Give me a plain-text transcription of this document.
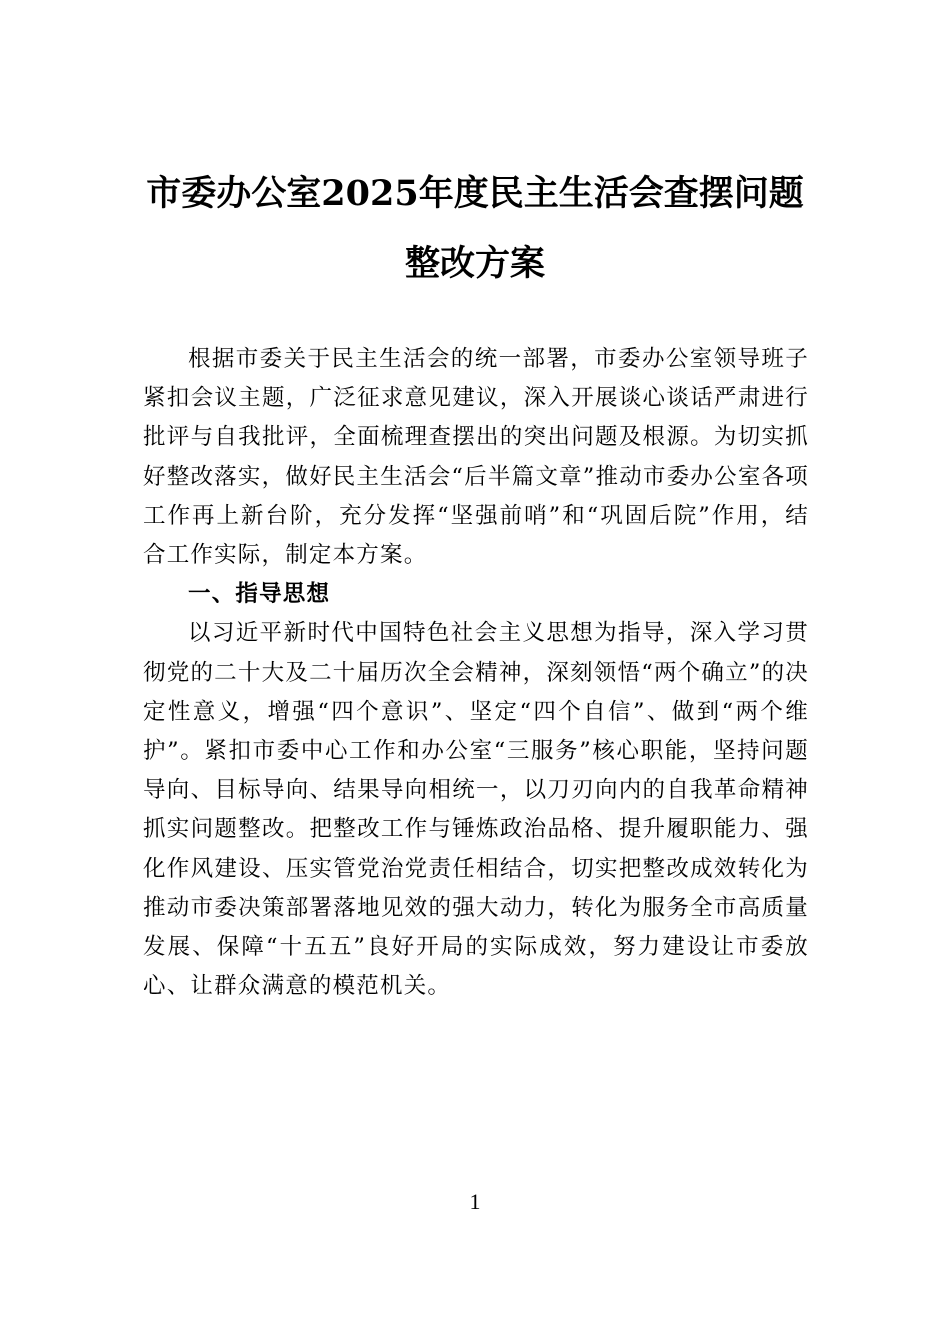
市委办公室2025年度民主生活会查摆问题
整改方案

根据市委关于民主生活会的统一部署，市委办公室领导班子紧扣会议主题，广泛征求意见建议，深入开展谈心谈话严肃进行批评与自我批评，全面梳理查摆出的突出问题及根源。为切实抓好整改落实，做好民主生活会“后半篇文章”推动市委办公室各项工作再上新台阶，充分发挥“坚强前哨”和“巩固后院”作用，结合工作实际，制定本方案。

一、指导思想

以习近平新时代中国特色社会主义思想为指导，深入学习贯彻党的二十大及二十届历次全会精神，深刻领悟“两个确立”的决定性意义，增强“四个意识”、坚定“四个自信”、做到“两个维护”。紧扣市委中心工作和办公室“三服务”核心职能，坚持问题导向、目标导向、结果导向相统一，以刀刃向内的自我革命精神抓实问题整改。把整改工作与锤炼政治品格、提升履职能力、强化作风建设、压实管党治党责任相结合，切实把整改成效转化为推动市委决策部署落地见效的强大动力，转化为服务全市高质量发展、保障“十五五”良好开局的实际成效，努力建设让市委放心、让群众满意的模范机关。

1
